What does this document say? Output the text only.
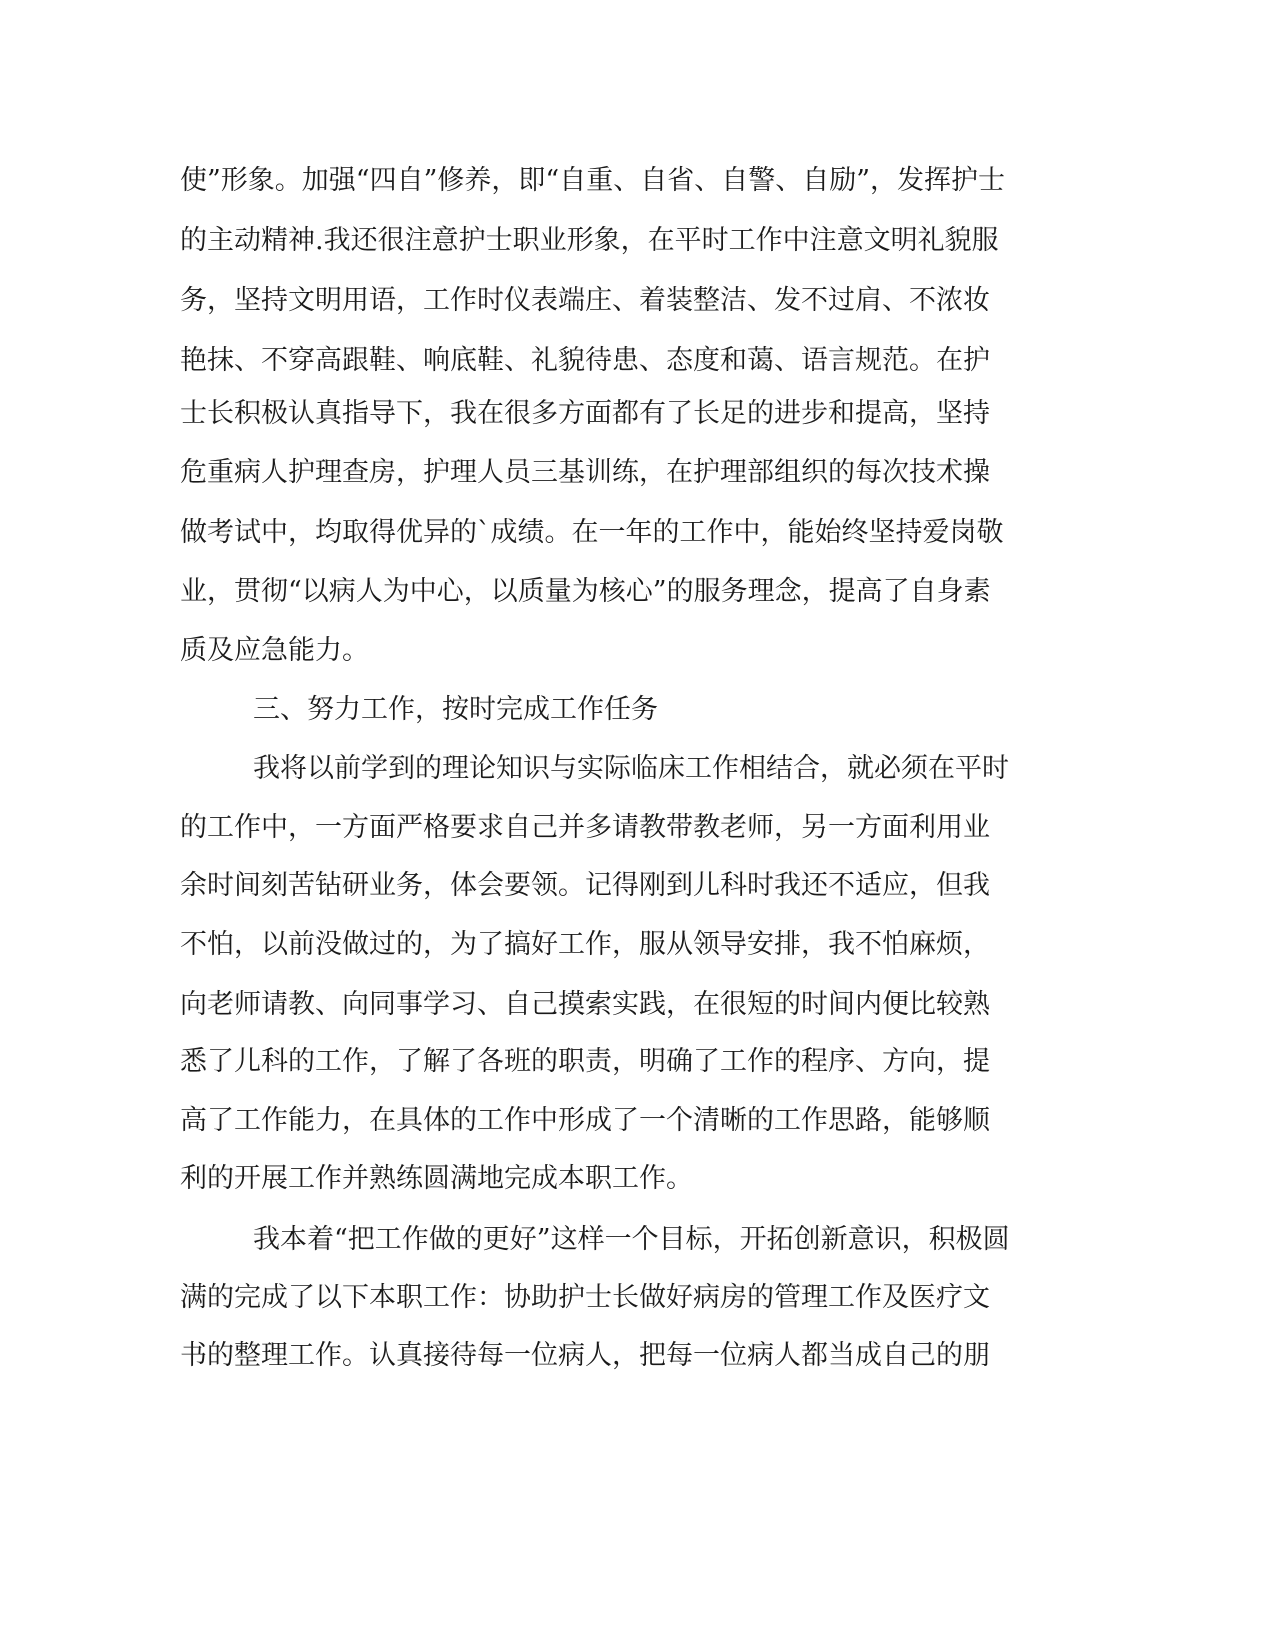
使”形象。加强“四自”修养，即“自重、自省、自警、自励”，发挥护士
的主动精神.我还很注意护士职业形象，在平时工作中注意文明礼貌服
务，坚持文明用语，工作时仪表端庄、着装整洁、发不过肩、不浓妆
艳抹、不穿高跟鞋、响底鞋、礼貌待患、态度和蔼、语言规范。在护
士长积极认真指导下，我在很多方面都有了长足的进步和提高，坚持
危重病人护理查房，护理人员三基训练，在护理部组织的每次技术操
做考试中，均取得优异的`成绩。在一年的工作中，能始终坚持爱岗敬
业，贯彻“以病人为中心，以质量为核心”的服务理念，提高了自身素
质及应急能力。
三、努力工作，按时完成工作任务
我将以前学到的理论知识与实际临床工作相结合，就必须在平时
的工作中，一方面严格要求自己并多请教带教老师，另一方面利用业
余时间刻苦钻研业务，体会要领。记得刚到儿科时我还不适应，但我
不怕，以前没做过的，为了搞好工作，服从领导安排，我不怕麻烦，
向老师请教、向同事学习、自己摸索实践，在很短的时间内便比较熟
悉了儿科的工作，了解了各班的职责，明确了工作的程序、方向，提
高了工作能力，在具体的工作中形成了一个清晰的工作思路，能够顺
利的开展工作并熟练圆满地完成本职工作。
我本着“把工作做的更好”这样一个目标，开拓创新意识，积极圆
满的完成了以下本职工作：协助护士长做好病房的管理工作及医疗文
书的整理工作。认真接待每一位病人，把每一位病人都当成自己的朋
